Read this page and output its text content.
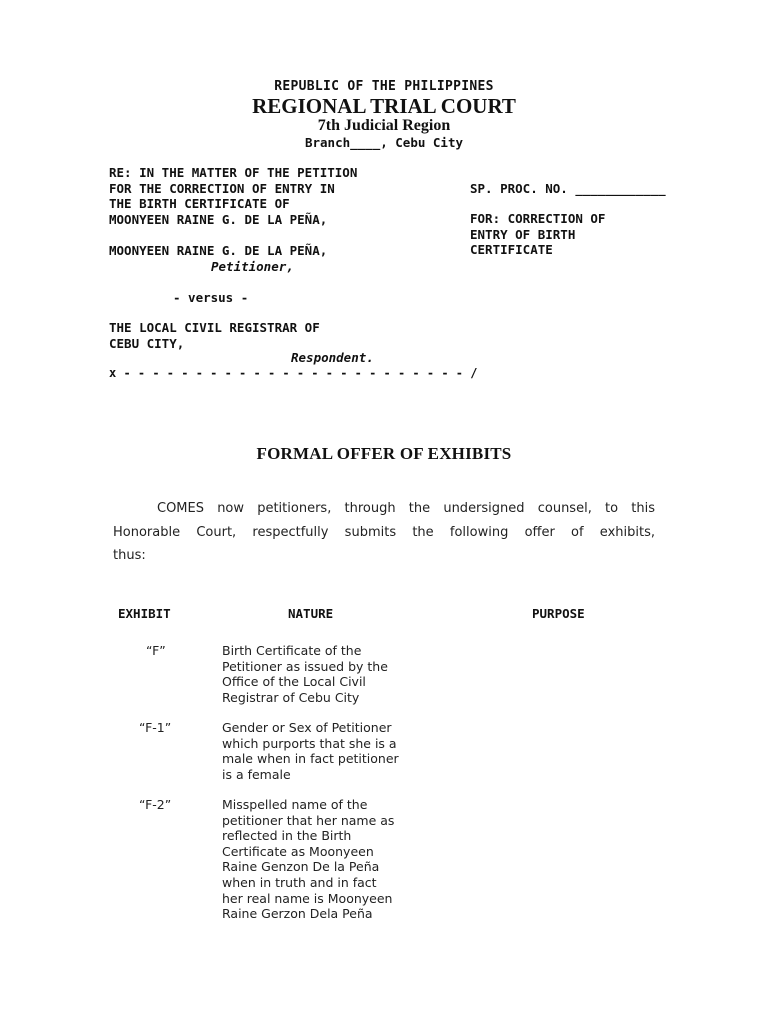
REPUBLIC OF THE PHILIPPINES
REGIONAL TRIAL COURT
7th Judicial Region
Branch____, Cebu City
RE: IN THE MATTER OF THE PETITION
FOR THE CORRECTION OF ENTRY IN
THE BIRTH CERTIFICATE OF
MOONYEEN RAINE G. DE LA PEÑA,
MOONYEEN RAINE G. DE LA PEÑA,
Petitioner,
- versus -
THE LOCAL CIVIL REGISTRAR OF
CEBU CITY,
Respondent.
x - - - - - - - - - - - - - - - - - - - - - - - - /
SP. PROC. NO. ____________
FOR: CORRECTION OF
ENTRY OF BIRTH
CERTIFICATE
FORMAL OFFER OF EXHIBITS
COMES now petitioners, through the undersigned counsel, to this
Honorable Court, respectfully submits the following offer of exhibits,
thus:
EXHIBIT	NATURE	PURPOSE
“F”	Birth Certificate of the
Petitioner as issued by the
Office of the Local Civil
Registrar of Cebu City
“F-1”	Gender or Sex of Petitioner
which purports that she is a
male when in fact petitioner
is a female
“F-2”	Misspelled name of the
petitioner that her name as
reflected in the Birth
Certificate as Moonyeen
Raine Genzon De la Peña
when in truth and in fact
her real name is Moonyeen
Raine Gerzon Dela Peña
